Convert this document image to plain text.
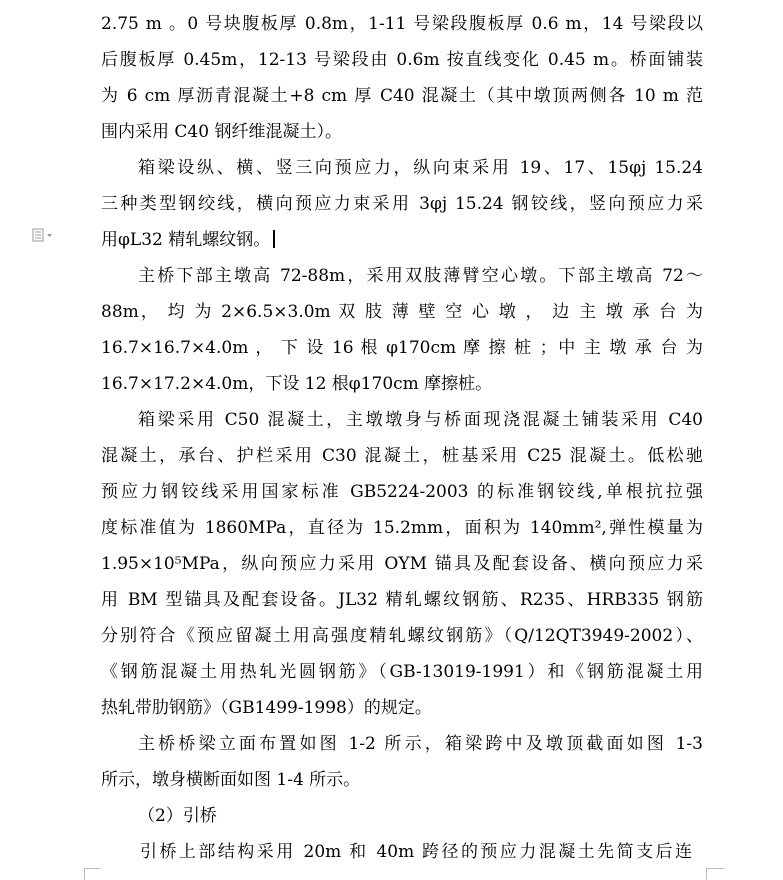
2.75 m 。0 号块腹板厚 0.8m，1-11 号梁段腹板厚 0.6 m，14 号梁段以
后腹板厚 0.45m，12-13 号梁段由 0.6m 按直线变化 0.45 m。桥面铺装
为 6 cm 厚沥青混凝土+8 cm 厚 C40 混凝土（其中墩顶两侧各 10 m 范
围内采用 C40 钢纤维混凝土）。
箱梁设纵、横、竖三向预应力，纵向束采用 19、17、15φj 15.24
三种类型钢绞线，横向预应力束采用 3φj 15.24 钢铰线，竖向预应力采
用φL32 精轧螺纹钢。
主桥下部主墩高 72-88m，采用双肢薄臂空心墩。下部主墩高 72～
88m， 均 为 2×6.5×3.0m 双 肢 薄 壁 空 心 墩 ， 边 主 墩 承 台 为
16.7×16.7×4.0m ， 下 设 16 根 φ170cm 摩 擦 桩 ；中 主 墩 承 台 为
16.7×17.2×4.0m，下设 12 根φ170cm 摩擦桩。
箱梁采用 C50 混凝土，主墩墩身与桥面现浇混凝土铺装采用 C40
混凝土，承台、护栏采用 C30 混凝土，桩基采用 C25 混凝土。低松驰
预应力钢铰线采用国家标准 GB5224-2003 的标准钢铰线,单根抗拉强
度标准值为 1860MPa，直径为 15.2mm，面积为 140mm²,弹性模量为
1.95×10⁵MPa，纵向预应力采用 OYM 锚具及配套设备、横向预应力采
用 BM 型锚具及配套设备。JL32 精轧螺纹钢筋、R235、HRB335 钢筋
分别符合《预应留凝土用高强度精轧螺纹钢筋》（Q/12QT3949-2002）、
《钢筋混凝土用热轧光圆钢筋》（GB-13019-1991）和《钢筋混凝土用
热轧带肋钢筋》（GB1499-1998）的规定。
主桥桥梁立面布置如图 1-2 所示，箱梁跨中及墩顶截面如图 1-3
所示，墩身横断面如图 1-4 所示。
（2）引桥
引桥上部结构采用 20m 和 40m 跨径的预应力混凝土先简支后连
